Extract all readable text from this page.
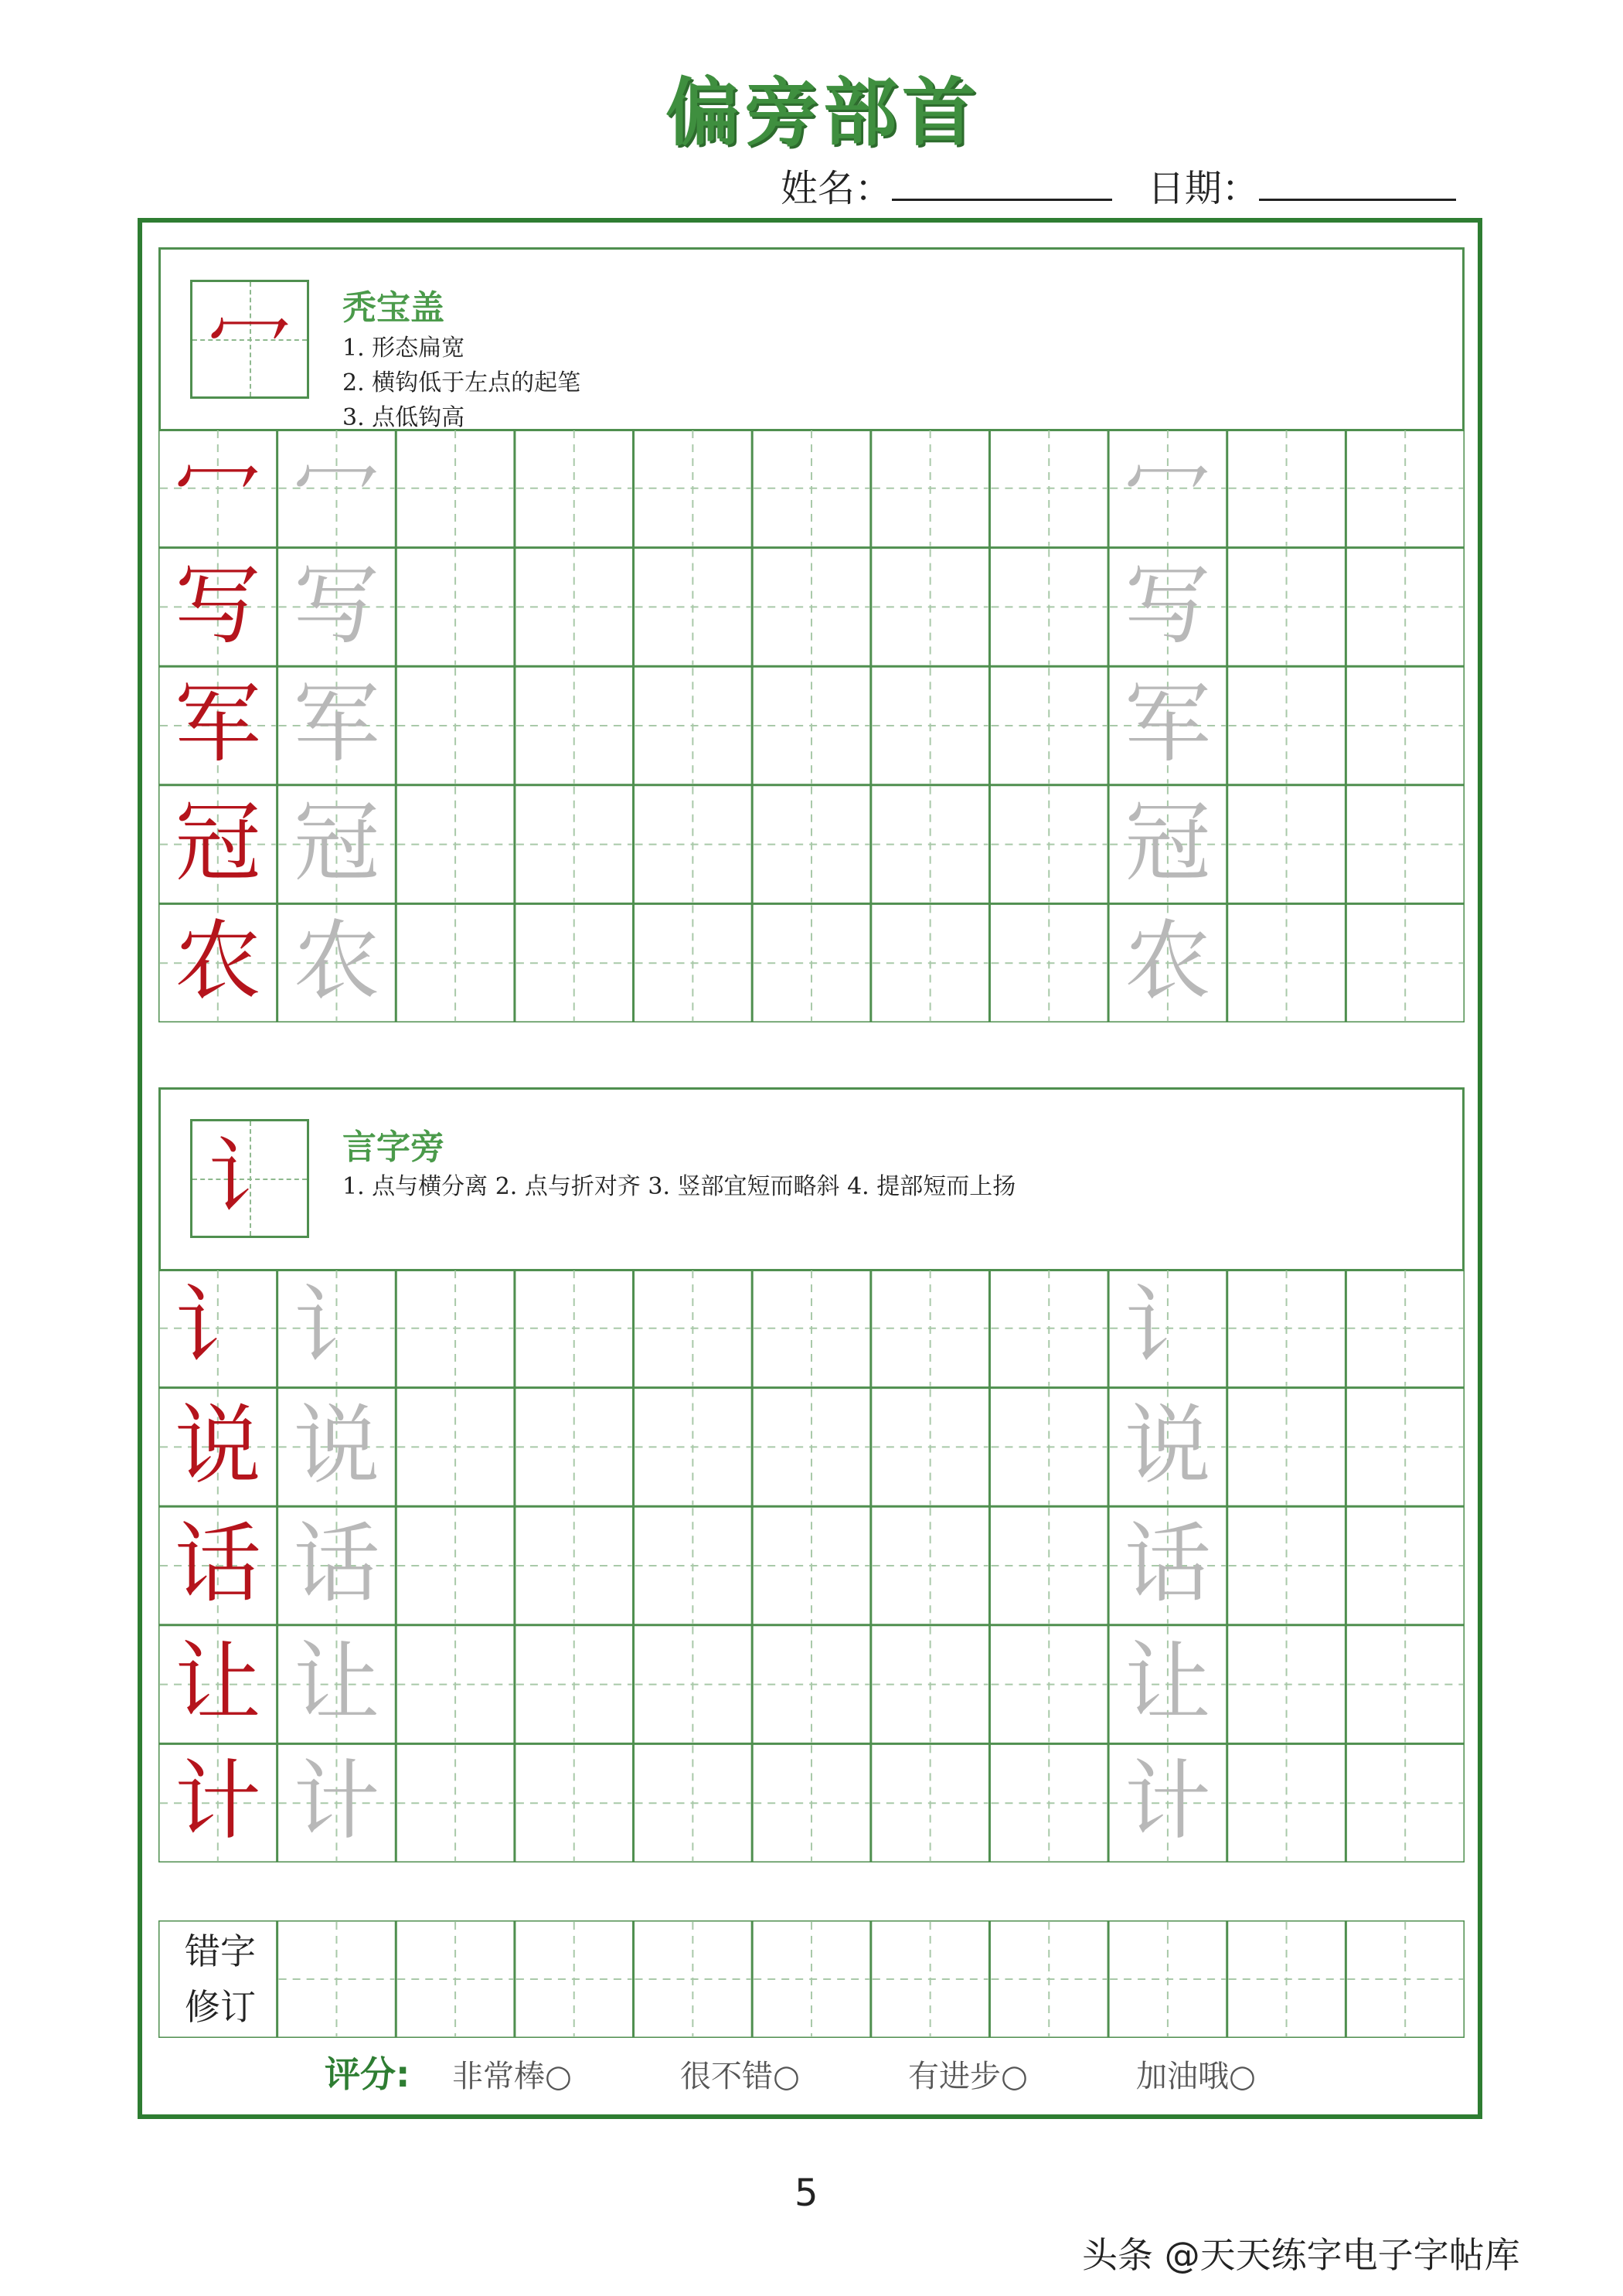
偏旁部首
姓名：	日期：
冖	秃宝盖
1. 形态扁宽
2. 横钩低于左点的起笔
3. 点低钩高
冖 冖	冖
写 写	写
军 军	军
冠 冠	冠
农 农	农
讠	言字旁
1. 点与横分离 2. 点与折对齐 3. 竖部宜短而略斜 4. 提部短而上扬
讠 讠	讠
说 说	说
话 话	话
让 让	让
计 计	计
错字
修订
评分: 非常棒○	很不错○	有进步○	加油哦○
5
头条 @天天练字电子字帖库
